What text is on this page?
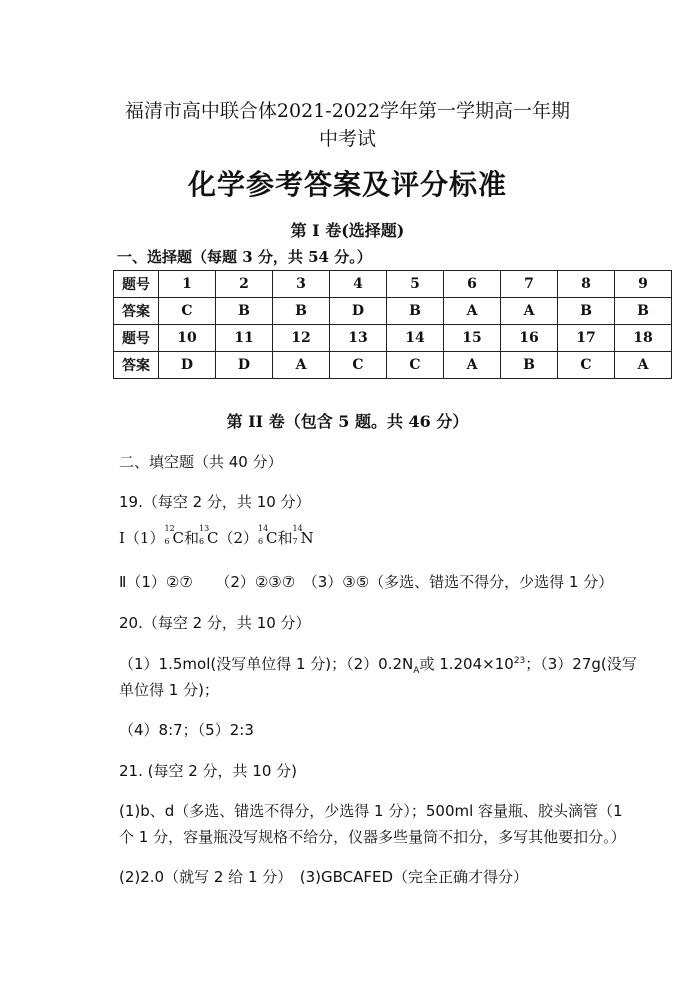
福清市高中联合体2021-2022学年第一学期高一年期
中考试
化学参考答案及评分标准
第 I 卷(选择题)
一、选择题（每题 3 分，共 54 分。）
题号	1	2	3	4	5	6	7	8	9
答案	C	B	B	D	B	A	A	B	B
题号	10	11	12	13	14	15	16	17	18
答案	D	D	A	C	C	A	B	C	A
第 II 卷（包含 5 题。共 46 分）
二、填空题（共 40 分）
19.（每空 2 分，共 10 分）
Ⅰ（1）
12
6 C和
13
6 C（2）
14
6 C和
14
7 N
Ⅱ（1）②⑦　　（2）②③⑦　（3）③⑤（多选、错选不得分，少选得 1 分）
20.（每空 2 分，共 10 分）
（1）1.5mol(没写单位得 1 分)；$(2)0.2N_A$或 $1.204\times 10^{23}$；（3）27g(没写
单位得 1 分)；
（4）8:7；（5）2:3
21. (每空 2 分，共 10 分)
(1)b、d（多选、错选不得分，少选得 1 分）；500ml 容量瓶、胶头滴管（1
个 1 分，容量瓶没写规格不给分，仪器多些量筒不扣分，多写其他要扣分。）
(2)2.0（就写 2 给 1 分）　(3)GBCAFED（完全正确才得分）
